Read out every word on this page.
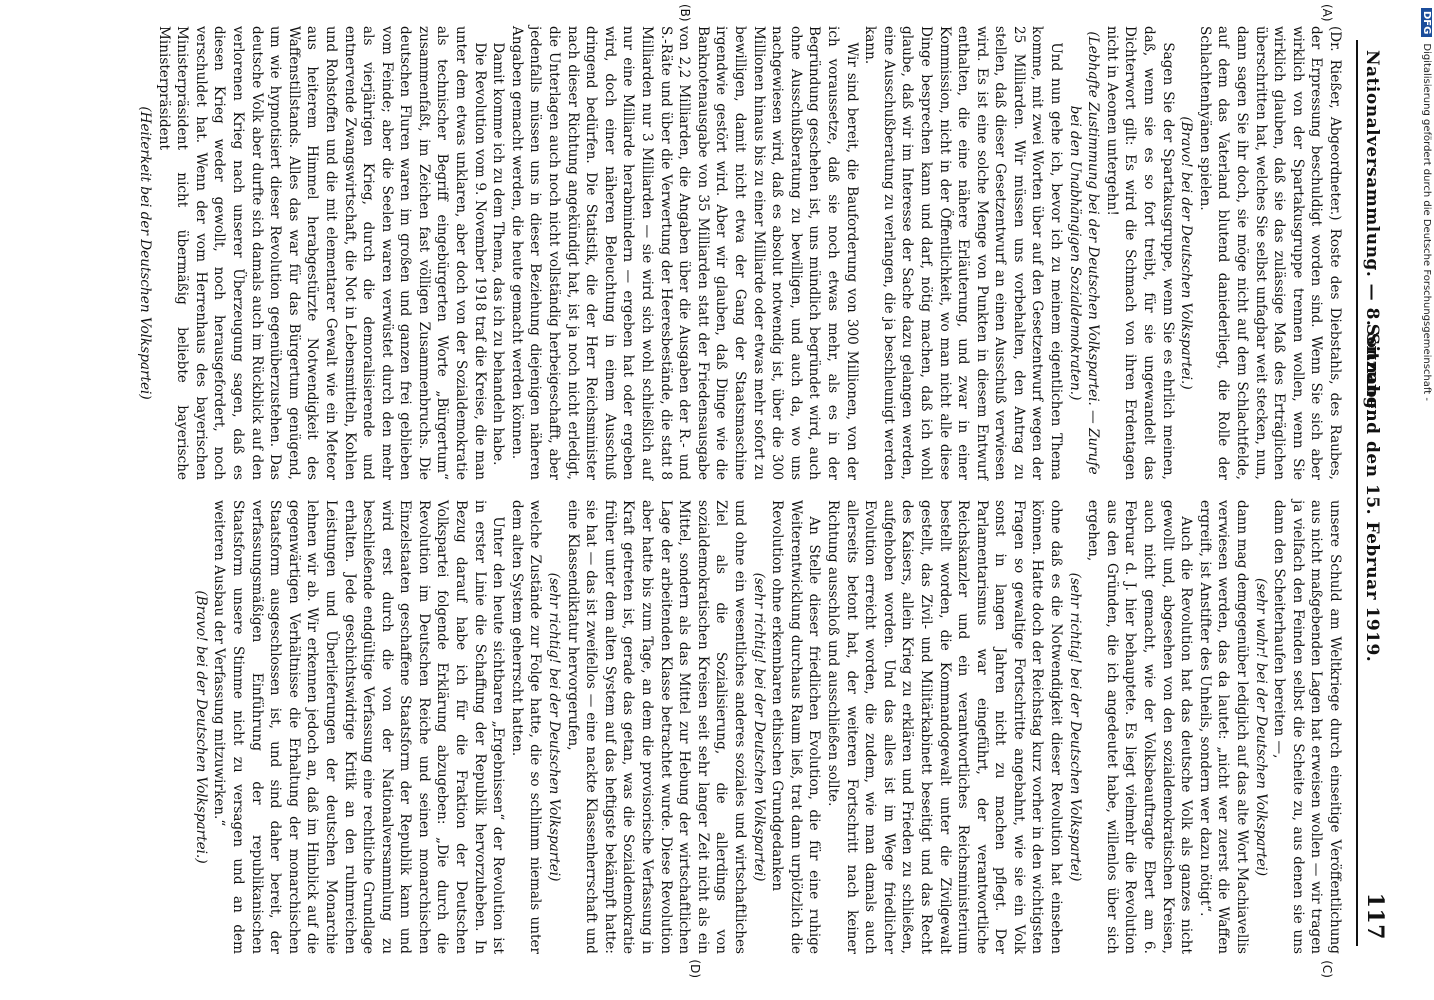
Nationalversammlung. — 8. Sitzung.
Sonnabend den 15. Februar 1919.
117
(A)
(B)

(Dr. Rießer, Abgeordneter.) Roste des Diebstahls, des Raubes, der Erpressung beschuldigt worden sind. Wenn Sie sich aber wirklich von der Spartakusgruppe trennen wollen, wenn Sie wirklich glauben, daß sie das zulässige Maß des Erträglichen überschritten hat, welches Sie selbst unfagbar weit stecken, nun, dann sagen Sie ihr doch, sie möge nicht auf dem Schlachtfelde, auf dem das Vaterland blutend daniederliegt, die Rolle der Schlachtenhyänen spielen.

(Bravo! bei der Deutschen Volkspartei.)

Sagen Sie der Spartakusgruppe, wenn Sie es ehrlich meinen, daß, wenn sie es so fort treibt, für sie ungewandelt das Dichterwort gilt: Es wird die Schmach von ihren Erdentagen nicht in Aeonen untergehn!

(Lebhafte Zustimmung bei der Deutschen Volkspartei. — Zurufe bei den Unabhängigen Sozialdemokraten.)

Und nun gehe ich, bevor ich zu meinem eigentlichen Thema komme, mit zwei Worten über auf den Gesetzentwurf wegen der 25 Milliarden. Wir müssen uns vorbehalten, den Antrag zu stellen, daß dieser Gesetzentwurf an einen Ausschuß verwiesen wird. Es ist eine solche Menge von Punkten in diesem Entwurf enthalten, die eine nähere Erläuterung, und zwar in einer Kommission, nicht in der Öffentlichkeit, wo man nicht alle diese Dinge besprechen kann und darf, nötig machen, daß ich wohl glaube, daß wir im Interesse der Sache dazu gelangen werden, eine Ausschußberatung zu verlangen, die ja beschleunigt werden kann.

Wir sind bereit, die Bauforderung von 300 Millionen, von der ich voraussetze, daß sie noch etwas mehr, als es in der Begründung geschehen ist, uns mündlich begründet wird, auch ohne Ausschußberatung zu bewilligen, und auch da, wo uns nachgewiesen wird, daß es absolut notwendig ist, über die 300 Millionen hinaus bis zu einer Milliarde oder etwas mehr sofort zu bewilligen, damit nicht etwa der Gang der Staatsmaschine irgendwie gestört wird. Aber wir glauben, daß Dinge wie die Banknotenausgabe von 35 Milliarden statt der Friedensausgabe von 2,2 Milliarden, die Angaben über die Ausgaben der R.- und S.-Räte und über die Verwertung der Heeresbestände, die statt 8 Milliarden nur 3 Milliarden — sie wird sich wohl schließlich auf nur eine Milliarde herabmindern — ergeben hat oder ergeben wird, doch einer näheren Beleuchtung in einem Ausschuß dringend bedürfen. Die Statistik, die der Herr Reichsminister nach dieser Richtung angekündigt hat, ist ja noch nicht erledigt, die Unterlagen auch noch nicht vollständig herbeigeschafft, aber jedenfalls müssen uns in dieser Beziehung diejenigen näheren Angaben gemacht werden, die heute gemacht werden können.

Damit komme ich zu dem Thema, das ich zu behandeln habe.

Die Revolution vom 9. November 1918 traf die Kreise, die man unter dem etwas unklaren, aber doch von der Sozialdemokratie als technischer Begriff eingebürgerten Worte „Bürgertum“ zusammenfaßt, im Zeichen fast völligen Zusammenbruchs. Die deutschen Fluren waren im großen und ganzen frei geblieben vom Feinde; aber die Seelen waren verwüstet durch den mehr als vierjährigen Krieg, durch die demoralisierende und entnervende Zwangswirtschaft, die Not in Lebensmitteln, Kohlen und Rohstoffen und die mit elementarer Gewalt wie ein Meteor aus heiterem Himmel herabgestürzte Notwendigkeit des Waffenstillstands. Alles das war für das Bürgertum genügend, um wie hypnotisiert dieser Revolution gegenüberzustehen. Das deutsche Volk aber durfte sich damals auch im Rückblick auf den verlorenen Krieg nach unserer Überzeugung sagen, daß es diesen Krieg weder gewollt, noch herausgefordert, noch verschuldet hat. Wenn der vom Herrenhaus des bayerischen Ministerpräsident nicht übermäßig beliebte bayerische Ministerpräsident

(Heiterkeit bei der Deutschen Volkspartei)

(C)
(D)

unsere Schuld am Weltkriege durch einseitige Veröffentlichung aus nicht maßgebenden Lagen hat erweisen wollen — wir tragen ja vielfach den Feinden selbst die Scheite zu, aus denen sie uns dann den Scheiterhaufen bereiten —,

(sehr wahr! bei der Deutschen Volkspartei)

dann mag demgegenüber lediglich auf das alte Wort Machiavellis verwiesen werden, das da lautet: „nicht wer zuerst die Waffen ergreift, ist Anstifter des Unheils, sondern wer dazu nötigt“.

Auch die Revolution hat das deutsche Volk als ganzes nicht gewollt und, abgesehen von den sozialdemokratischen Kreisen, auch nicht gemacht, wie der Volksbeauftragte Ebert am 6. Februar d. J. hier behauptete. Es liegt vielmehr die Revolution aus den Gründen, die ich angedeutet habe, willenlos über sich ergehen,

(sehr richtig! bei der Deutschen Volkspartei)

ohne daß es die Notwendigkeit dieser Revolution hat einsehen können. Hatte doch der Reichstag kurz vorher in den wichtigsten Fragen so gewaltige Fortschritte angebahnt, wie sie ein Volk sonst in langen Jahren nicht zu machen pflegt. Der Parlamentarismus war eingeführt, der verantwortliche Reichskanzler und ein verantwortliches Reichsministerium bestellt worden, die Kommandogewalt unter die Zivilgewalt gestellt, das Zivil- und Militärkabinett beseitigt und das Recht des Kaisers, allein Krieg zu erklären und Frieden zu schließen, aufgehoben worden. Und das alles ist im Wege friedlicher Evolution erreicht worden, die zudem, wie man damals auch allerseits betont hat, der weiteren Fortschritt nach keiner Richtung ausschloß und ausschließen sollte.

An Stelle dieser friedlichen Evolution, die für eine ruhige Weiterentwicklung durchaus Raum ließ, trat dann urplötzlich die Revolution ohne erkennbaren ethischen Grundgedanken

(sehr richtig! bei der Deutschen Volkspartei)

und ohne ein wesentliches anderes soziales und wirtschaftliches Ziel als die Sozialisierung, die allerdings von sozialdemokratischen Kreisen seit sehr langer Zeit nicht als ein Mittel, sondern als das Mittel zur Hebung der wirtschaftlichen Lage der arbeitenden Klasse betrachtet wurde. Diese Revolution aber hatte bis zum Tage, an dem die provisorische Verfassung in Kraft getreten ist, gerade das getan, was die Sozialdemokratie früher unter dem alten System auf das heftigste bekämpft hatte: sie hat — das ist zweifellos — eine nackte Klassenherrschaft und eine Klassendiktatur hervorgerufen,

(sehr richtig! bei der Deutschen Volkspartei)

welche Zustände zur Folge hatte, die so schlimm niemals unter dem alten System geherrscht hatten.

Unter den heute sichtbaren „Ergebnissen“ der Revolution ist in erster Linie die Schaffung der Republik hervorzuheben. In Bezug darauf habe ich für die Fraktion der Deutschen Volkspartei folgende Erklärung abzugeben: „Die durch die Revolution im Deutschen Reiche und seinen monarchischen Einzelstaaten geschaffene Staatsform der Republik kann und wird erst durch die von der Nationalversammlung zu beschließende endgültige Verfassung eine rechtliche Grundlage erhalten. Jede geschichtswidrige Kritik an den ruhmreichen Leistungen und Überlieferungen der deutschen Monarchie lehnen wir ab. Wir erkennen jedoch an, daß im Hinblick auf die gegenwärtigen Verhältnisse die Erhaltung der monarchischen Staatsform ausgeschlossen ist, und sind daher bereit, der verfassungsmäßigen Einführung der republikanischen Staatsform unsere Stimme nicht zu versagen und an dem weiteren Ausbau der Verfassung mitzuwirken.“

(Bravo! bei der Deutschen Volkspartei.)

DFGDigitalisierung gefördert durch die Deutsche Forschungsgemeinschaft -
